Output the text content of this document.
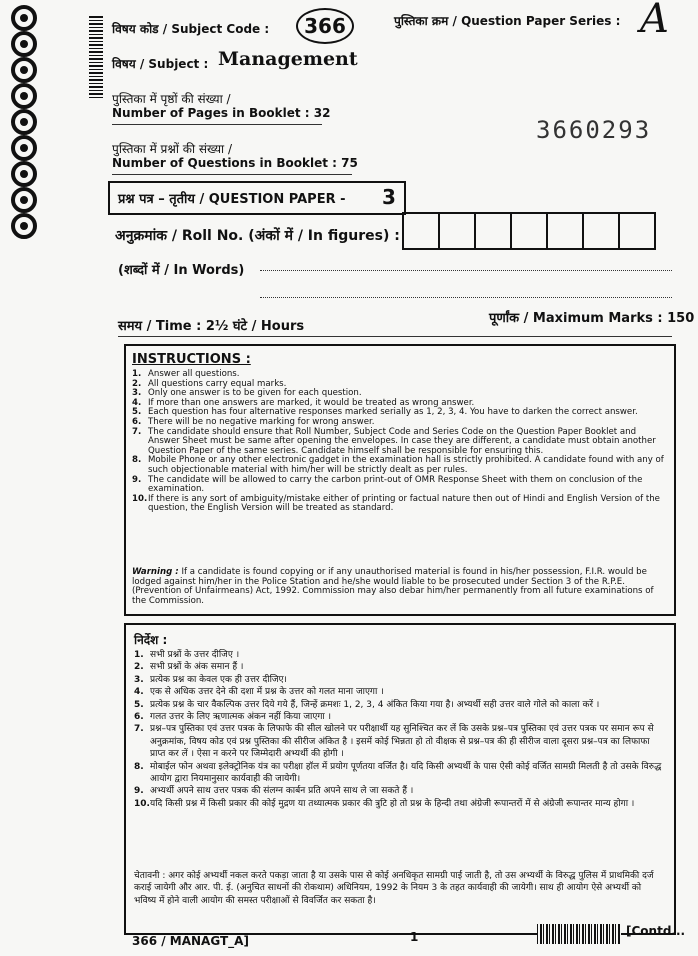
विषय कोड / Subject Code :	366	पुस्तिका क्रम / Question Paper Series : A
विषय / Subject : Management
पुस्तिका में पृष्ठों की संख्या /
Number of Pages in Booklet : 32
3660293
पुस्तिका में प्रश्नों की संख्या /
Number of Questions in Booklet : 75
प्रश्न पत्र – तृतीय / QUESTION PAPER - 3
अनुक्रमांक / Roll No. (अंकों में / In figures) :
(शब्दों में / In Words)
समय / Time : 2½ घंटे / Hours
पूर्णांक / Maximum Marks : 150
INSTRUCTIONS :
1. Answer all questions.
2. All questions carry equal marks.
3. Only one answer is to be given for each question.
4. If more than one answers are marked, it would be treated as wrong answer.
5. Each question has four alternative responses marked serially as 1, 2, 3, 4. You have to darken the correct answer.
6. There will be no negative marking for wrong answer.
7. The candidate should ensure that Roll Number, Subject Code and Series Code on the Question Paper Booklet and Answer Sheet must be same after opening the envelopes. In case they are different, a candidate must obtain another Question Paper of the same series. Candidate himself shall be responsible for ensuring this.
8. Mobile Phone or any other electronic gadget in the examination hall is strictly prohibited. A candidate found with any of such objectionable material with him/her will be strictly dealt as per rules.
9. The candidate will be allowed to carry the carbon print-out of OMR Response Sheet with them on conclusion of the examination.
10. If there is any sort of ambiguity/mistake either of printing or factual nature then out of Hindi and English Version of the question, the English Version will be treated as standard.
Warning : If a candidate is found copying or if any unauthorised material is found in his/her possession, F.I.R. would be lodged against him/her in the Police Station and he/she would liable to be prosecuted under Section 3 of the R.P.E. (Prevention of Unfairmeans) Act, 1992. Commission may also debar him/her permanently from all future examinations of the Commission.
निर्देश :
1. सभी प्रश्नों के उत्तर दीजिए ।
2. सभी प्रश्नों के अंक समान हैं ।
3. प्रत्येक प्रश्न का केवल एक ही उत्तर दीजिए।
4. एक से अधिक उत्तर देने की दशा में प्रश्न के उत्तर को गलत माना जाएगा ।
5. प्रत्येक प्रश्न के चार वैकल्पिक उत्तर दिये गये हैं, जिन्हें क्रमशः 1, 2, 3, 4 अंकित किया गया है। अभ्यर्थी सही उत्तर वाले गोले को काला करें ।
6. गलत उत्तर के लिए ऋणात्मक अंकन नहीं किया जाएगा ।
7. प्रश्न–पत्र पुस्तिका एवं उत्तर पत्रक के लिफाफे की सील खोलने पर परीक्षार्थी यह सुनिश्चित कर लें कि उसके प्रश्न–पत्र पुस्तिका एवं उत्तर पत्रक पर समान रूप से अनुक्रमांक, विषय कोड एवं प्रश्न पुस्तिका की सीरीज अंकित है । इसमें कोई भिन्नता हो तो वीक्षक से प्रश्न–पत्र की ही सीरीज वाला दूसरा प्रश्न–पत्र का लिफाफा प्राप्त कर लें । ऐसा न करने पर जिम्मेदारी अभ्यर्थी की होगी ।
8. मोबाईल फोन अथवा इलेक्ट्रोनिक यंत्र का परीक्षा हॉल में प्रयोग पूर्णतया वर्जित है। यदि किसी अभ्यर्थी के पास ऐसी कोई वर्जित सामग्री मिलती है तो उसके विरुद्ध आयोग द्वारा नियमानुसार कार्यवाही की जायेगी।
9. अभ्यर्थी अपने साथ उत्तर पत्रक की संलग्न कार्बन प्रति अपने साथ ले जा सकते हैं ।
10. यदि किसी प्रश्न में किसी प्रकार की कोई मुद्रण या तथ्यात्मक प्रकार की त्रुटि हो तो प्रश्न के हिन्दी तथा अंग्रेजी रूपान्तरों में से अंग्रेजी रूपान्तर मान्य होगा ।
चेतावनी : अगर कोई अभ्यर्थी नकल करते पकड़ा जाता है या उसके पास से कोई अनधिकृत सामग्री पाई जाती है, तो उस अभ्यर्थी के विरुद्ध पुलिस में प्राथमिकी दर्ज कराई जायेगी और आर. पी. ई. (अनुचित साधनों की रोकथाम) अधिनियम, 1992 के नियम 3 के तहत कार्यवाही की जायेगी। साथ ही आयोग ऐसे अभ्यर्थी को भविष्य में होने वाली आयोग की समस्त परीक्षाओं से विवर्जित कर सकता है।
366 / MANAGT_A]	1	[Contd...
